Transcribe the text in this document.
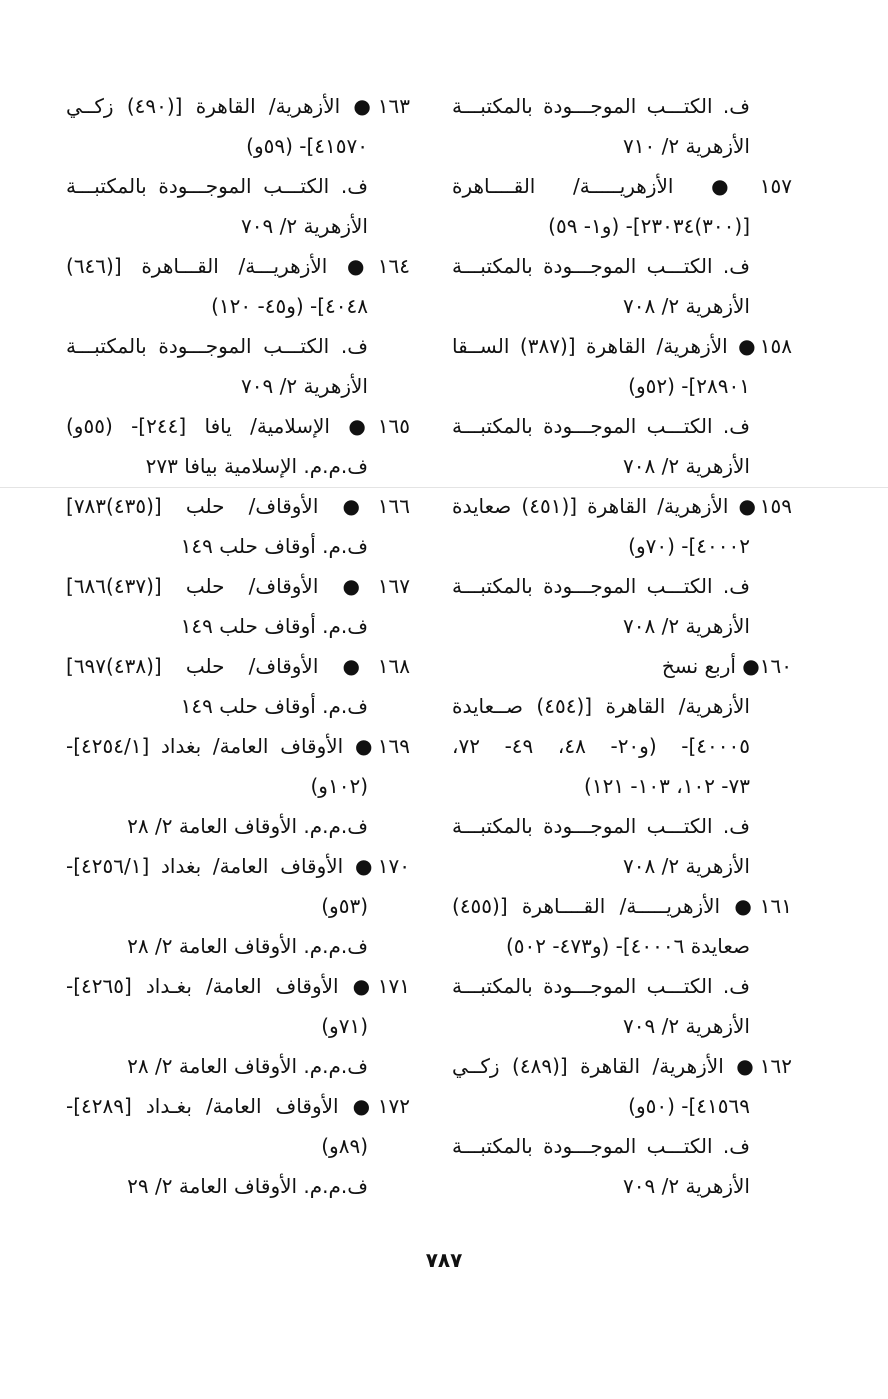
ف. الكتـــب الموجـــودة بالمكتبـــة
الأزهرية ٢/ ٧١٠
١٥٧● الأزهريـــــة/ القــــاهرة
[(٣٠٠)٢٣٠٣٤]- (و١- ٥٩)
ف. الكتـــب الموجـــودة بالمكتبـــة
الأزهرية ٢/ ٧٠٨
١٥٨● الأزهرية/ القاهرة [(٣٨٧) الســقا
٢٨٩٠١]- (٥٢و)
ف. الكتـــب الموجـــودة بالمكتبـــة
الأزهرية ٢/ ٧٠٨
١٥٩● الأزهرية/ القاهرة [(٤٥١) صعايدة
٤٠٠٠٢]- (٧٠و)
ف. الكتـــب الموجـــودة بالمكتبـــة
الأزهرية ٢/ ٧٠٨
١٦٠● أربع نسخ
الأزهرية/ القاهرة [(٤٥٤) صــعايدة
٤٠٠٠٥]- (و٢٠- ٤٨، ٤٩- ٧٢،
٧٣- ١٠٢، ١٠٣- ١٢١)
ف. الكتـــب الموجـــودة بالمكتبـــة
الأزهرية ٢/ ٧٠٨
١٦١● الأزهريـــــة/ القــــاهرة [(٤٥٥)
صعايدة ٤٠٠٠٦]- (و٤٧٣- ٥٠٢)
ف. الكتـــب الموجـــودة بالمكتبـــة
الأزهرية ٢/ ٧٠٩
١٦٢● الأزهرية/ القاهرة [(٤٨٩) زكــي
٤١٥٦٩]- (٥٠و)
ف. الكتـــب الموجـــودة بالمكتبـــة
الأزهرية ٢/ ٧٠٩
١٦٣● الأزهرية/ القاهرة [(٤٩٠) زكــي
٤١٥٧٠]- (٥٩و)
ف. الكتـــب الموجـــودة بالمكتبـــة
الأزهرية ٢/ ٧٠٩
١٦٤● الأزهريـــة/ القـــاهرة [(٦٤٦)
٤٠٤٨]- (و٤٥- ١٢٠)
ف. الكتـــب الموجـــودة بالمكتبـــة
الأزهرية ٢/ ٧٠٩
١٦٥● الإسلامية/ يافا [٢٤٤]- (٥٥و)
ف.م.م. الإسلامية بيافا ٢٧٣
١٦٦● الأوقاف/ حلب [(٤٣٥)٧٨٣]
ف.م. أوقاف حلب ١٤٩
١٦٧● الأوقاف/ حلب [(٤٣٧)٦٨٦]
ف.م. أوقاف حلب ١٤٩
١٦٨● الأوقاف/ حلب [(٤٣٨)٦٩٧]
ف.م. أوقاف حلب ١٤٩
١٦٩● الأوقاف العامة/ بغداد [٤٢٥٤/١]-
(١٠٢و)
ف.م.م. الأوقاف العامة ٢/ ٢٨
١٧٠● الأوقاف العامة/ بغداد [٤٢٥٦/١]-
(٥٣و)
ف.م.م. الأوقاف العامة ٢/ ٢٨
١٧١● الأوقاف العامة/ بغـداد [٤٢٦٥]-
(٧١و)
ف.م.م. الأوقاف العامة ٢/ ٢٨
١٧٢● الأوقاف العامة/ بغـداد [٤٢٨٩]-
(٨٩و)
ف.م.م. الأوقاف العامة ٢/ ٢٩
٧٨٧
